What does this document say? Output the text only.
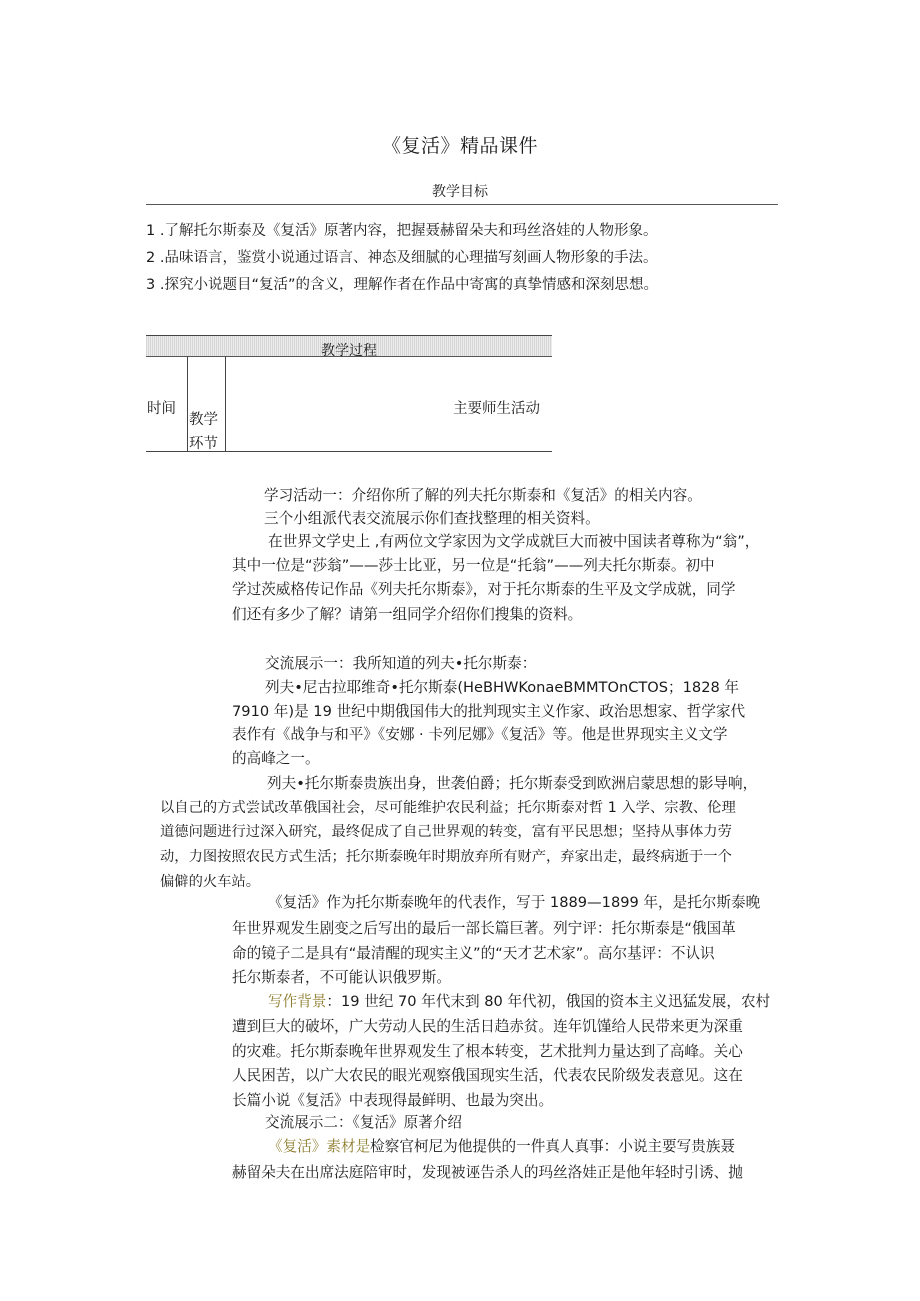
《复活》精品课件
教学目标
1 .了解托尔斯泰及《复活》原著内容，把握聂赫留朵夫和玛丝洛娃的人物形象。
2 .品味语言，鉴赏小说通过语言、神态及细腻的心理描写刻画人物形象的手法。
3 .探究小说题目“复活”的含义，理解作者在作品中寄寓的真挚情感和深刻思想。
教学过程
时间
教学
环节
主要师生活动
学习活动一：介绍你所了解的列夫托尔斯泰和《复活》的相关内容。
三个小组派代表交流展示你们查找整理的相关资料。
在世界文学史上 ,有两位文学家因为文学成就巨大而被中国读者尊称为“翁”，
其中一位是“莎翁”——莎士比亚，另一位是“托翁”——列夫托尔斯泰。初中
学过茨威格传记作品《列夫托尔斯泰》，对于托尔斯泰的生平及文学成就，同学
们还有多少了解？请第一组同学介绍你们搜集的资料。
交流展示一：我所知道的列夫•托尔斯泰：
列夫•尼古拉耶维奇•托尔斯泰(HeBHWKonaeBMMTOnCTOS；1828 年
7910 年)是 19 世纪中期俄国伟大的批判现实主义作家、政治思想家、哲学家代
表作有《战争与和平》《安娜 · 卡列尼娜》《复活》等。他是世界现实主义文学
的高峰之一。
列夫•托尔斯泰贵族出身，世袭伯爵；托尔斯泰受到欧洲启蒙思想的影导响，
以自己的方式尝试改革俄国社会，尽可能维护农民利益；托尔斯泰对哲 1 入学、宗教、伦理
道德问题进行过深入研究，最终促成了自己世界观的转变，富有平民思想；坚持从事体力劳
动，力图按照农民方式生活；托尔斯泰晚年时期放弃所有财产，弃家出走，最终病逝于一个
偏僻的火车站。
《复活》作为托尔斯泰晚年的代表作，写于 1889—1899 年，是托尔斯泰晚
年世界观发生剧变之后写出的最后一部长篇巨著。列宁评：托尔斯泰是“俄国革
命的镜子二是具有“最清醒的现实主义”的“天才艺术家”。高尔基评：不认识
托尔斯泰者，不可能认识俄罗斯。
写作背景：19 世纪 70 年代末到 80 年代初，俄国的资本主义迅猛发展，农村
遭到巨大的破坏，广大劳动人民的生活日趋赤贫。连年饥馑给人民带来更为深重
的灾难。托尔斯泰晚年世界观发生了根本转变，艺术批判力量达到了高峰。关心
人民困苦，以广大农民的眼光观察俄国现实生活，代表农民阶级发表意见。这在
长篇小说《复活》中表现得最鲜明、也最为突出。
交流展示二：《复活》原著介绍
《复活》素材是检察官柯尼为他提供的一件真人真事：小说主要写贵族聂
赫留朵夫在出席法庭陪审时，发现被诬告杀人的玛丝洛娃正是他年轻时引诱、抛
